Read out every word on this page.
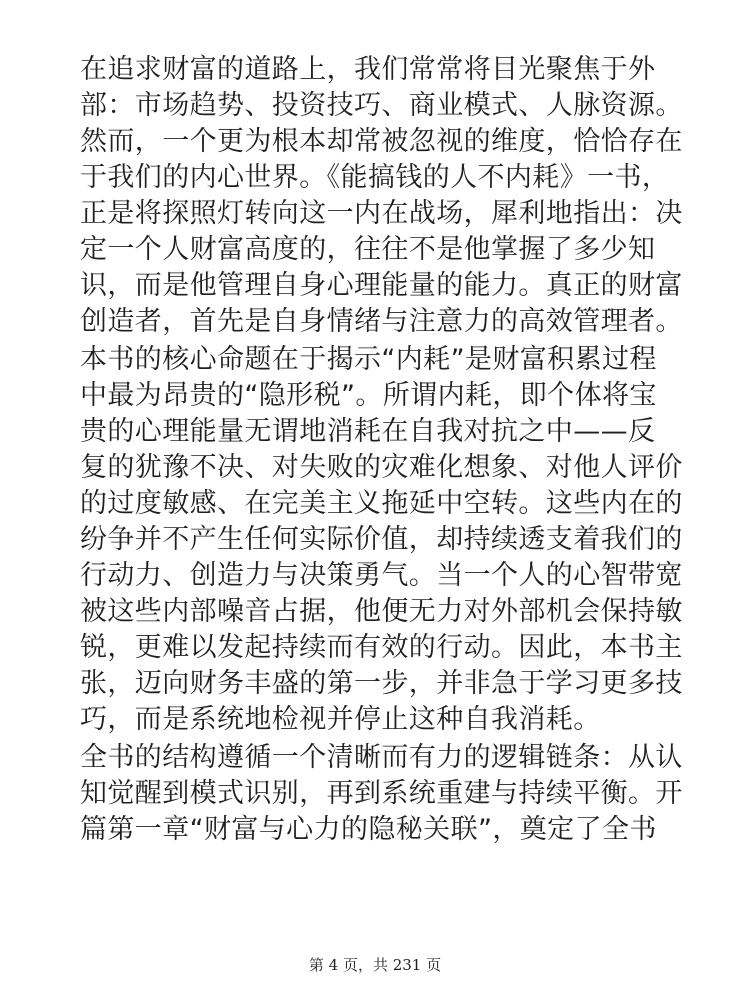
在追求财富的道路上，我们常常将目光聚焦于外
部：市场趋势、投资技巧、商业模式、人脉资源。
然而，一个更为根本却常被忽视的维度，恰恰存在
于我们的内心世界。《能搞钱的人不内耗》一书，
正是将探照灯转向这一内在战场，犀利地指出：决
定一个人财富高度的，往往不是他掌握了多少知
识，而是他管理自身心理能量的能力。真正的财富
创造者，首先是自身情绪与注意力的高效管理者。
本书的核心命题在于揭示“内耗”是财富积累过程
中最为昂贵的“隐形税”。所谓内耗，即个体将宝
贵的心理能量无谓地消耗在自我对抗之中——反
复的犹豫不决、对失败的灾难化想象、对他人评价
的过度敏感、在完美主义拖延中空转。这些内在的
纷争并不产生任何实际价值，却持续透支着我们的
行动力、创造力与决策勇气。当一个人的心智带宽
被这些内部噪音占据，他便无力对外部机会保持敏
锐，更难以发起持续而有效的行动。因此，本书主
张，迈向财务丰盛的第一步，并非急于学习更多技
巧，而是系统地检视并停止这种自我消耗。
全书的结构遵循一个清晰而有力的逻辑链条：从认
知觉醒到模式识别，再到系统重建与持续平衡。开
篇第一章“财富与心力的隐秘关联”，奠定了全书
第 4 页，共 231 页
